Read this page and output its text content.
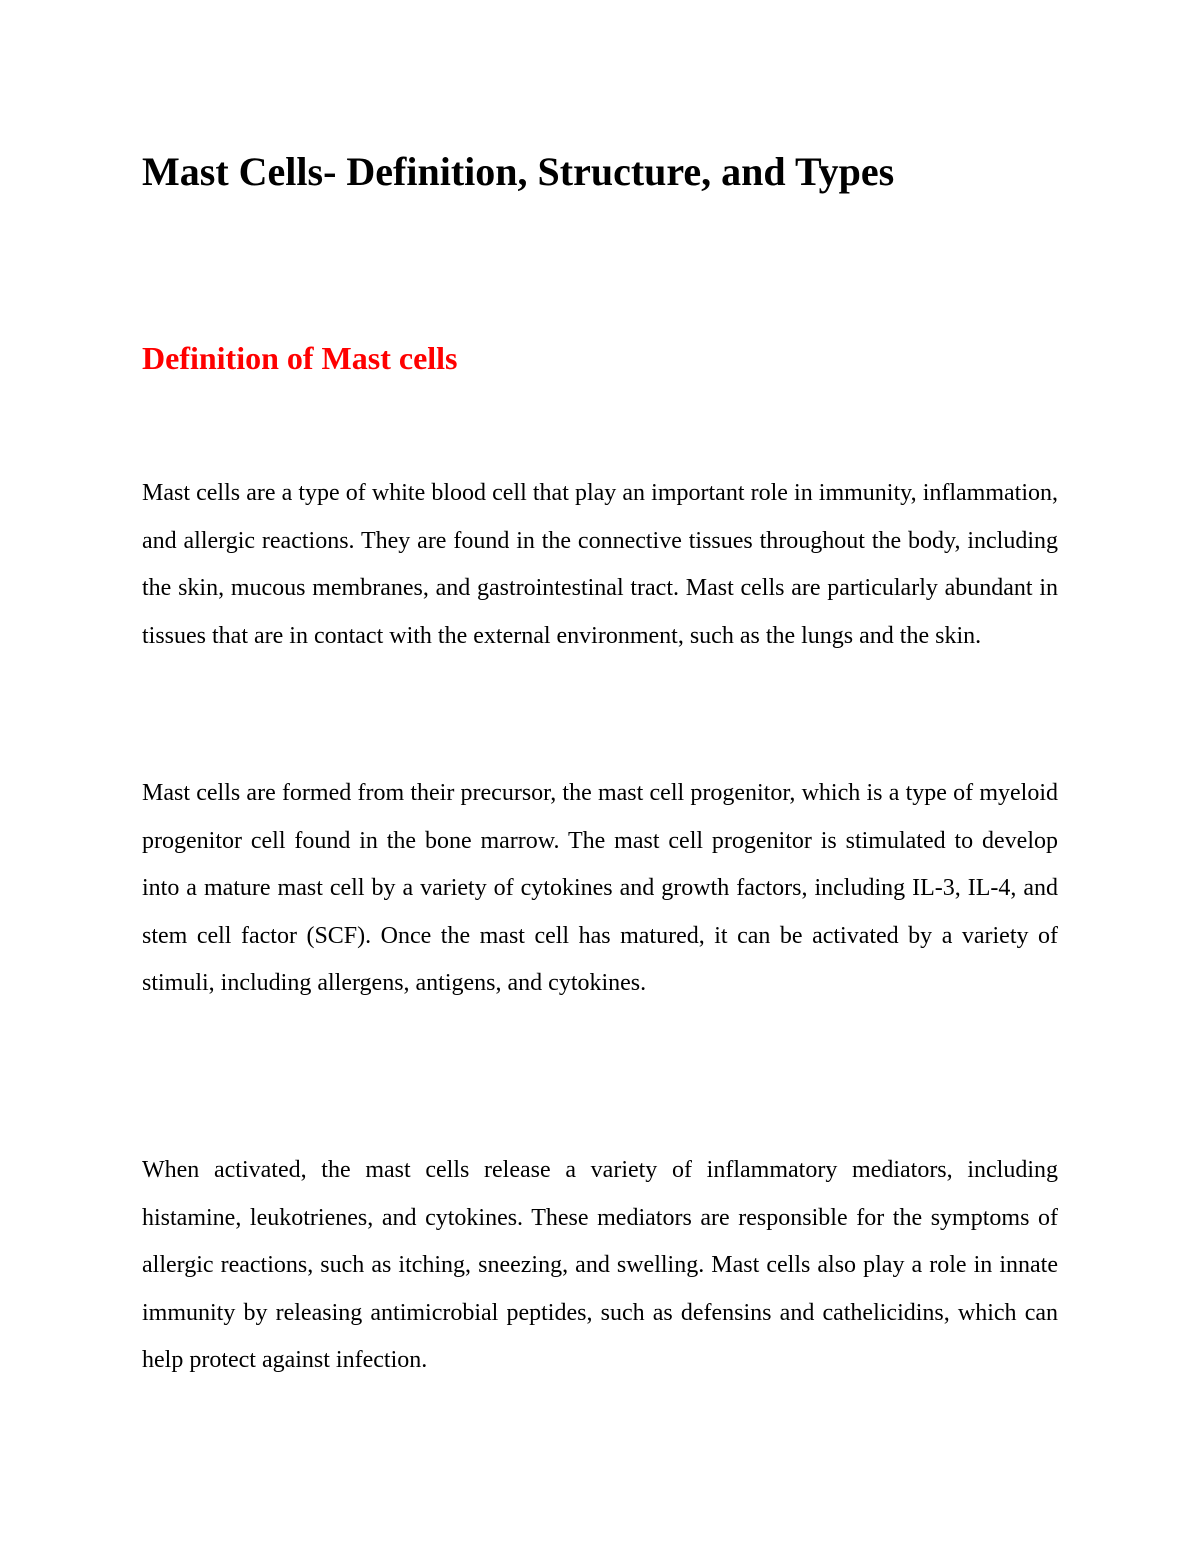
Mast Cells- Definition, Structure, and Types
Definition of Mast cells

Mast cells are a type of white blood cell that play an important role in immunity, inflammation, and allergic reactions. They are found in the connective tissues throughout the body, including the skin, mucous membranes, and gastrointestinal tract. Mast cells are particularly abundant in tissues that are in contact with the external environment, such as the lungs and the skin.

Mast cells are formed from their precursor, the mast cell progenitor, which is a type of myeloid progenitor cell found in the bone marrow. The mast cell progenitor is stimulated to develop into a mature mast cell by a variety of cytokines and growth factors, including IL-3, IL-4, and stem cell factor (SCF). Once the mast cell has matured, it can be activated by a variety of stimuli, including allergens, antigens, and cytokines.

When activated, the mast cells release a variety of inflammatory mediators, including histamine, leukotrienes, and cytokines. These mediators are responsible for the symptoms of allergic reactions, such as itching, sneezing, and swelling. Mast cells also play a role in innate immunity by releasing antimicrobial peptides, such as defensins and cathelicidins, which can help protect against infection.
